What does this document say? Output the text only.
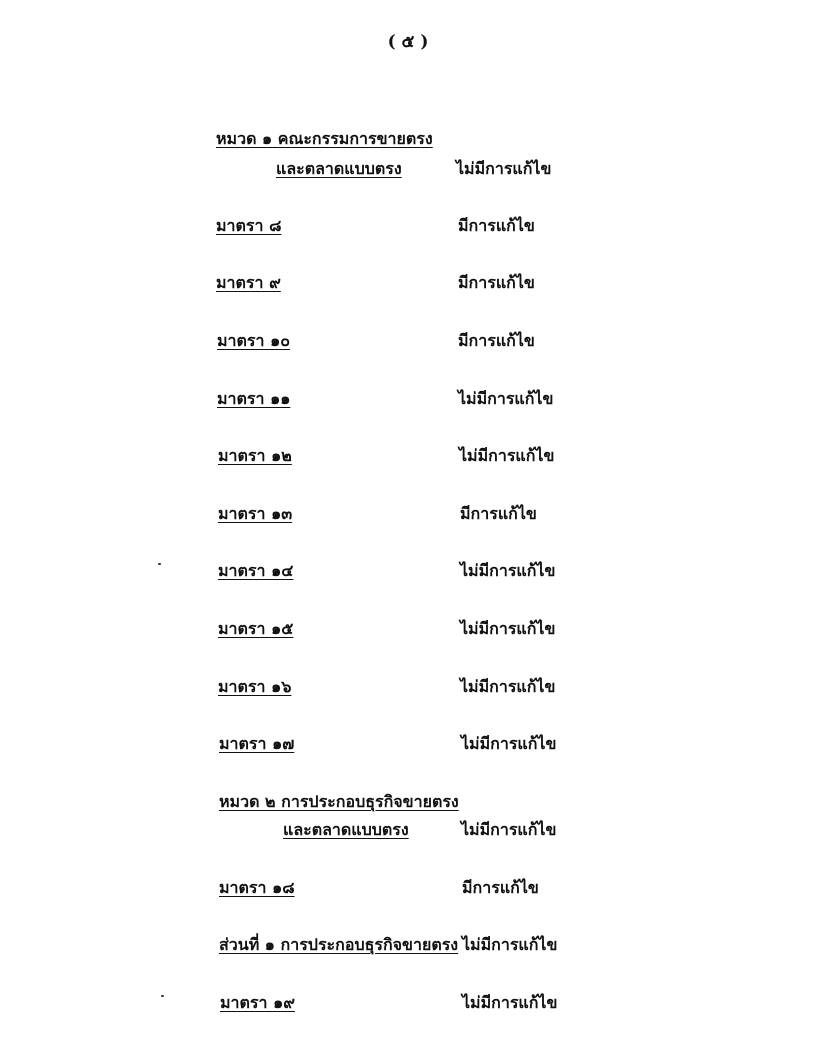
( ๕ )
หมวด ๑ คณะกรรมการขายตรง
และตลาดแบบตรง	ไม่มีการแก้ไข
มาตรา ๘	มีการแก้ไข
มาตรา ๙	มีการแก้ไข
มาตรา ๑๐	มีการแก้ไข
มาตรา ๑๑	ไม่มีการแก้ไข
มาตรา ๑๒	ไม่มีการแก้ไข
มาตรา ๑๓	มีการแก้ไข
มาตรา ๑๔	ไม่มีการแก้ไข
มาตรา ๑๕	ไม่มีการแก้ไข
มาตรา ๑๖	ไม่มีการแก้ไข
มาตรา ๑๗	ไม่มีการแก้ไข
หมวด ๒ การประกอบธุรกิจขายตรง
และตลาดแบบตรง	ไม่มีการแก้ไข
มาตรา ๑๘	มีการแก้ไข
ส่วนที่ ๑ การประกอบธุรกิจขายตรง ไม่มีการแก้ไข
มาตรา ๑๙	ไม่มีการแก้ไข
